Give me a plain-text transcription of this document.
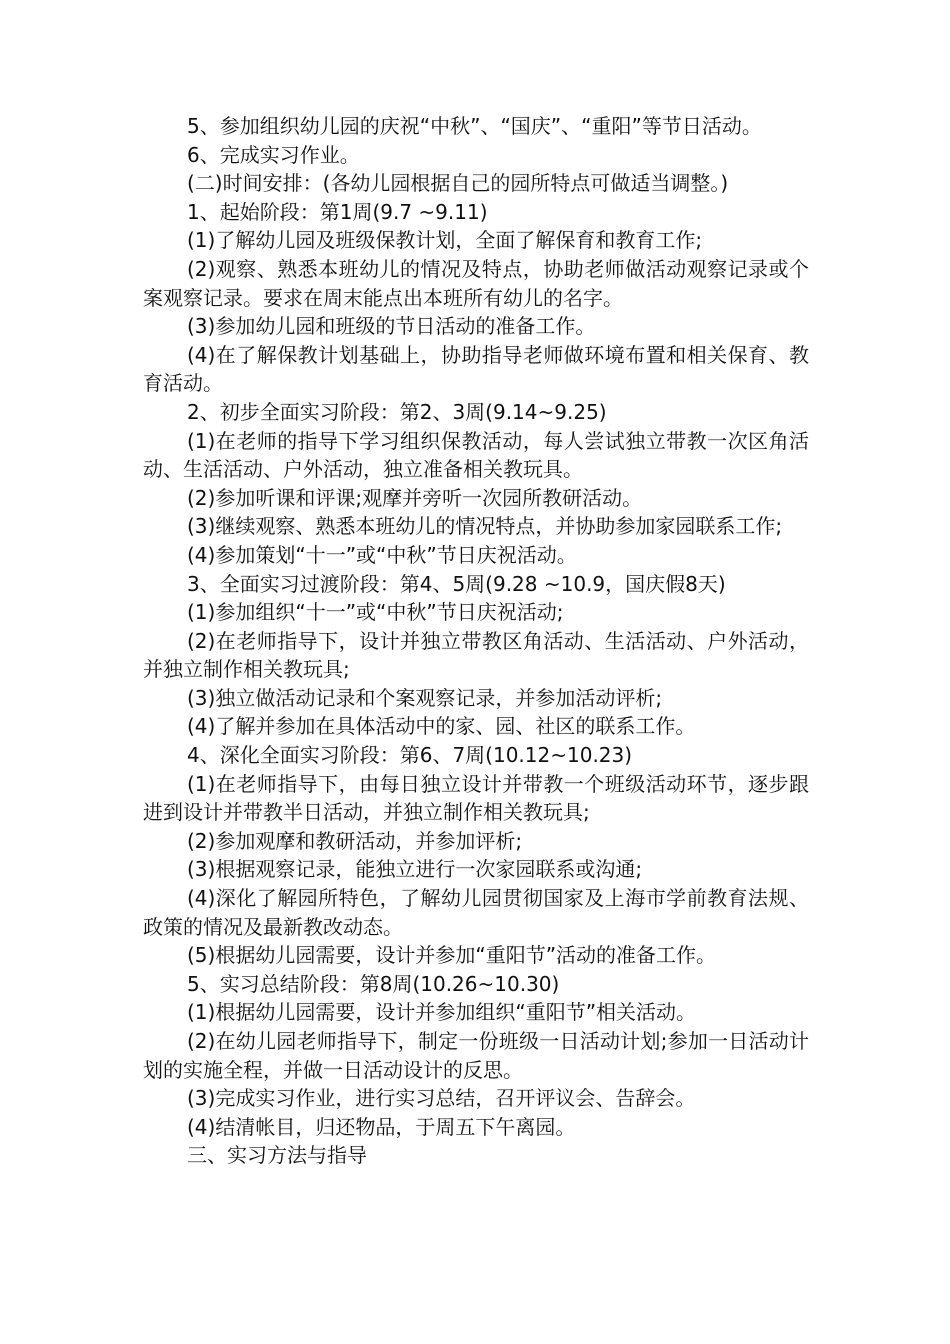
5、参加组织幼儿园的庆祝“中秋”、“国庆”、“重阳”等节日活动。

6、完成实习作业。

(二)时间安排：(各幼儿园根据自己的园所特点可做适当调整。)

1、起始阶段：第1周(9.7 ~9.11)

(1)了解幼儿园及班级保教计划，全面了解保育和教育工作;

(2)观察、熟悉本班幼儿的情况及特点，协助老师做活动观察记录或个案观察记录。要求在周末能点出本班所有幼儿的名字。

(3)参加幼儿园和班级的节日活动的准备工作。

(4)在了解保教计划基础上，协助指导老师做环境布置和相关保育、教育活动。

2、初步全面实习阶段：第2、3周(9.14~9.25)

(1)在老师的指导下学习组织保教活动，每人尝试独立带教一次区角活动、生活活动、户外活动，独立准备相关教玩具。

(2)参加听课和评课;观摩并旁听一次园所教研活动。

(3)继续观察、熟悉本班幼儿的情况特点，并协助参加家园联系工作;

(4)参加策划“十一”或“中秋”节日庆祝活动。

3、全面实习过渡阶段：第4、5周(9.28 ~10.9，国庆假8天)

(1)参加组织“十一”或“中秋”节日庆祝活动;

(2)在老师指导下，设计并独立带教区角活动、生活活动、户外活动，并独立制作相关教玩具;

(3)独立做活动记录和个案观察记录，并参加活动评析;

(4)了解并参加在具体活动中的家、园、社区的联系工作。

4、深化全面实习阶段：第6、7周(10.12~10.23)

(1)在老师指导下，由每日独立设计并带教一个班级活动环节，逐步跟进到设计并带教半日活动，并独立制作相关教玩具;

(2)参加观摩和教研活动，并参加评析;

(3)根据观察记录，能独立进行一次家园联系或沟通;

(4)深化了解园所特色，了解幼儿园贯彻国家及上海市学前教育法规、政策的情况及最新教改动态。

(5)根据幼儿园需要，设计并参加“重阳节”活动的准备工作。

5、实习总结阶段：第8周(10.26~10.30)

(1)根据幼儿园需要，设计并参加组织“重阳节”相关活动。

(2)在幼儿园老师指导下，制定一份班级一日活动计划;参加一日活动计划的实施全程，并做一日活动设计的反思。

(3)完成实习作业，进行实习总结，召开评议会、告辞会。

(4)结清帐目，归还物品，于周五下午离园。

三、实习方法与指导
